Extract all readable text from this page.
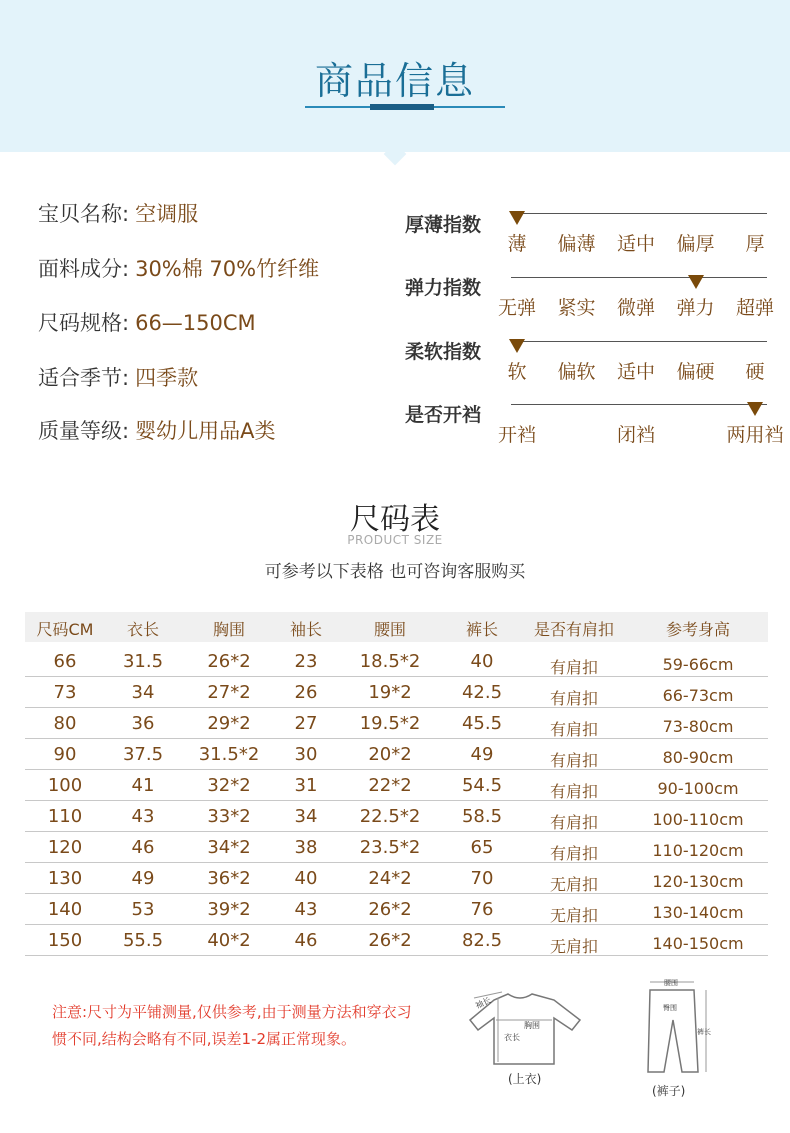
商品信息
宝贝名称: 空调服
面料成分: 30%棉 70%竹纤维
尺码规格: 66—150CM
适合季节: 四季款
质量等级: 婴幼儿用品A类
厚薄指数
薄 偏薄 适中 偏厚 厚
弹力指数
无弹 紧实 微弹 弹力 超弹
柔软指数
软 偏软 适中 偏硬 硬
是否开裆
开裆	闭裆	两用裆
尺码表
PRODUCT SIZE
可参考以下表格 也可咨询客服购买
尺码CM	衣长	胸围	袖长	腰围	裤长	是否有肩扣	参考身高
66	31.5	26*2	23	18.5*2	40	有肩扣	59-66cm
73	34	27*2	26	19*2	42.5	有肩扣	66-73cm
80	36	29*2	27	19.5*2	45.5	有肩扣	73-80cm
90	37.5	31.5*2	30	20*2	49	有肩扣	80-90cm
100	41	32*2	31	22*2	54.5	有肩扣	90-100cm
110	43	33*2	34	22.5*2	58.5	有肩扣	100-110cm
120	46	34*2	38	23.5*2	65	有肩扣	110-120cm
130	49	36*2	40	24*2	70	无肩扣	120-130cm
140	53	39*2	43	26*2	76	无肩扣	130-140cm
150	55.5	40*2	46	26*2	82.5	无肩扣	140-150cm
注意:尺寸为平铺测量,仅供参考,由于测量方法和穿衣习惯不同,结构会略有不同,误差1-2属正常现象。
袖长
胸围
衣长
(上衣)
腰围
臀围
裤长
(裤子)
